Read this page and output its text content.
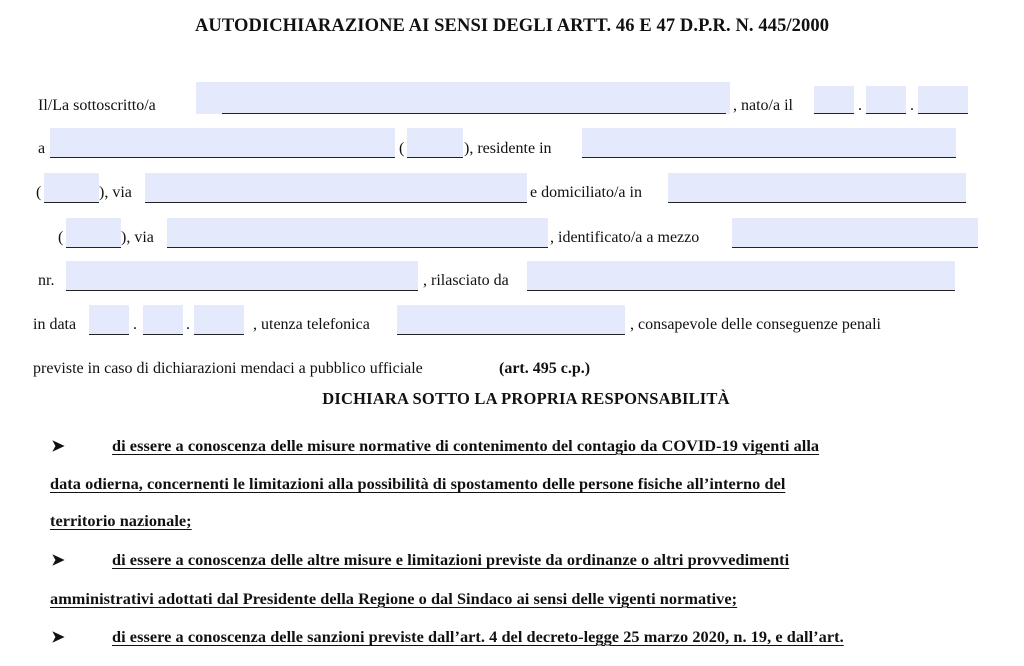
AUTODICHIARAZIONE AI SENSI DEGLI ARTT. 46 E 47 D.P.R. N. 445/2000
Il/La sottoscritto/a	, nato/a il	.	.
a	(	), residente in
(	), via	e domiciliato/a in
(	), via	, identificato/a a mezzo
nr.	, rilasciato da
in data	.	.	, utenza telefonica	, consapevole delle conseguenze penali
previste in caso di dichiarazioni mendaci a pubblico ufficiale	(art. 495 c.p.)
DICHIARA SOTTO LA PROPRIA RESPONSABILITÀ
➤	di essere a conoscenza delle misure normative di contenimento del contagio da COVID-19 vigenti alla
data odierna, concernenti le limitazioni alla possibilità di spostamento delle persone fisiche all’interno del
territorio nazionale;
➤	di essere a conoscenza delle altre misure e limitazioni previste da ordinanze o altri provvedimenti
amministrativi adottati dal Presidente della Regione o dal Sindaco ai sensi delle vigenti normative;
➤	di essere a conoscenza delle sanzioni previste dall’art. 4 del decreto-legge 25 marzo 2020, n. 19, e dall’art.
